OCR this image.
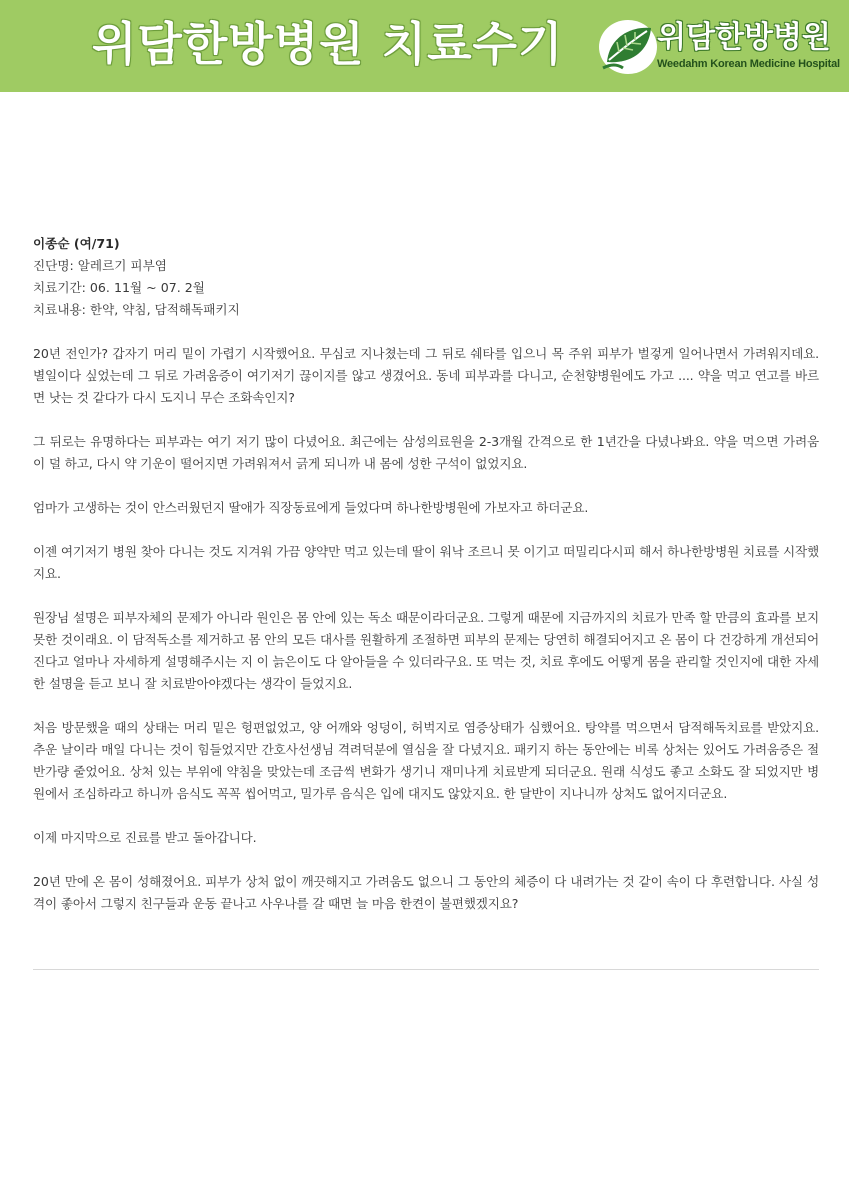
위담한방병원 치료수기	위담한방병원
Weedahm Korean Medicine Hospital

이종순 (여/71)

진단명: 알레르기 피부염

치료기간: 06. 11월 ~ 07. 2월

치료내용: 한약, 약침, 담적해독패키지

20년 전인가? 갑자기 머리 밑이 가렵기 시작했어요. 무심코 지나쳤는데 그 뒤로 쉐타를 입으니 목 주위 피부가 벌겋게 일어나면서 가려워지데요. 별일이다 싶었는데 그 뒤로 가려움증이 여기저기 끊이지를 않고 생겼어요. 동네 피부과를 다니고, 순천향병원에도 가고 .... 약을 먹고 연고를 바르면 낫는 것 같다가 다시 도지니 무슨 조화속인지?

그 뒤로는 유명하다는 피부과는 여기 저기 많이 다녔어요. 최근에는 삼성의료원을 2-3개월 간격으로 한 1년간을 다녔나봐요. 약을 먹으면 가려움이 덜 하고, 다시 약 기운이 떨어지면 가려워져서 긁게 되니까 내 몸에 성한 구석이 없었지요.

엄마가 고생하는 것이 안스러웠던지 딸애가 직장동료에게 들었다며 하나한방병원에 가보자고 하더군요.

이젠 여기저기 병원 찾아 다니는 것도 지겨워 가끔 양약만 먹고 있는데 딸이 워낙 조르니 못 이기고 떠밀리다시피 해서 하나한방병원 치료를 시작했지요.

원장님 설명은 피부자체의 문제가 아니라 원인은 몸 안에 있는 독소 때문이라더군요. 그렇게 때문에 지금까지의 치료가 만족 할 만큼의 효과를 보지 못한 것이래요. 이 담적독소를 제거하고 몸 안의 모든 대사를 원활하게 조절하면 피부의 문제는 당연히 해결되어지고 온 몸이 다 건강하게 개선되어진다고 얼마나 자세하게 설명해주시는 지 이 늙은이도 다 알아들을 수 있더라구요. 또 먹는 것, 치료 후에도 어떻게 몸을 관리할 것인지에 대한 자세한 설명을 듣고 보니 잘 치료받아야겠다는 생각이 들었지요.

처음 방문했을 때의 상태는 머리 밑은 헝편없었고, 양 어깨와 엉덩이, 허벅지로 염증상태가 심했어요. 탕약를 먹으면서 담적해독치료를 받았지요. 추운 날이라 매일 다니는 것이 힘들었지만 간호사선생님 격려덕분에 열심을 잘 다녔지요. 패키지 하는 동안에는 비록 상처는 있어도 가려움증은 절반가량 줄었어요. 상처 있는 부위에 약침을 맞았는데 조금씩 변화가 생기니 재미나게 치료받게 되더군요. 원래 식성도 좋고 소화도 잘 되었지만 병원에서 조심하라고 하니까 음식도 꼭꼭 씹어먹고, 밀가루 음식은 입에 대지도 않았지요. 한 달반이 지나니까 상처도 없어지더군요.

이제 마지막으로 진료를 받고 돌아갑니다.

20년 만에 온 몸이 성해졌어요. 피부가 상처 없이 깨끗해지고 가려움도 없으니 그 동안의 체증이 다 내려가는 것 같이 속이 다 후련합니다. 사실 성격이 좋아서 그렇지 친구들과 운동 끝나고 사우나를 갈 때면 늘 마음 한켠이 불편했겠지요?
